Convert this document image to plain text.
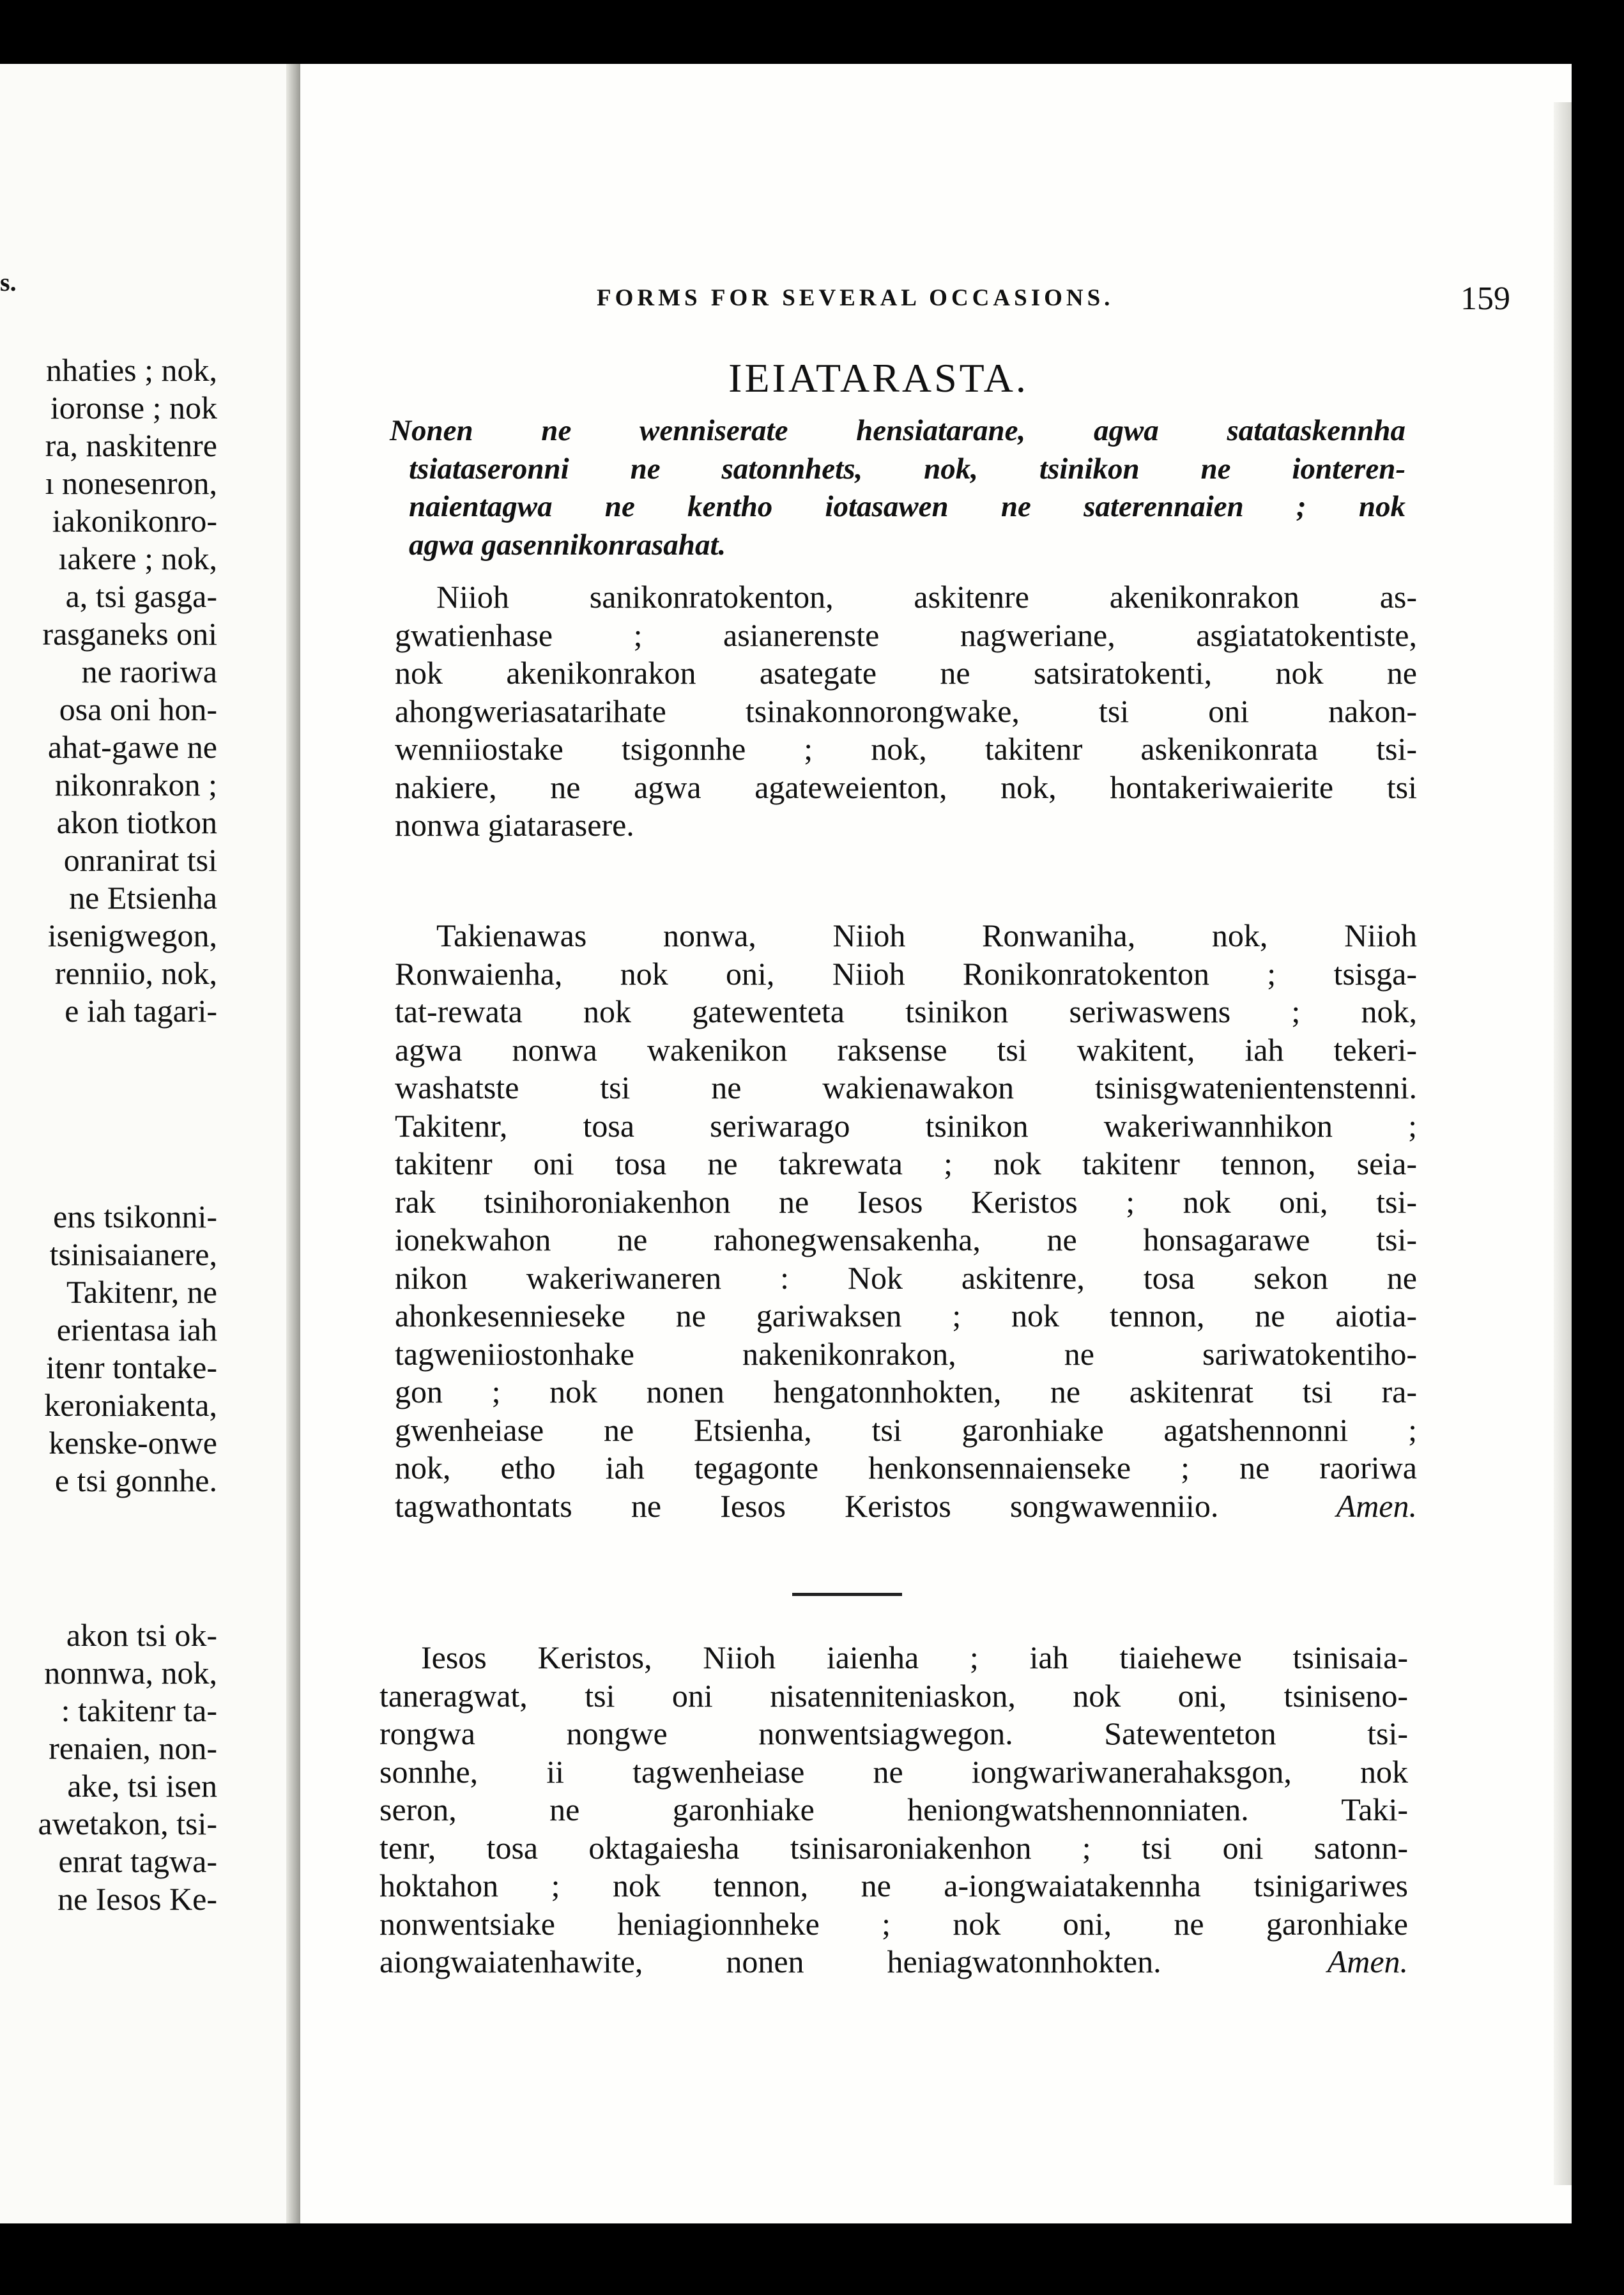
s.
nhaties ; nok,
ioronse ; nok
ra, naskitenre
ı nonesenron,
iakonikonro-
ıakere ; nok,
a, tsi gasga-
rasganeks oni
ne raoriwa
osa oni hon-
ahat-gawe ne
nikonrakon ;
akon tiotkon
onranirat tsi
ne Etsienha
isenigwegon,
renniio, nok,
e iah tagari-
ens tsikonni-
tsinisaianere,
Takitenr, ne
erientasa iah
itenr tontake-
keroniakenta,
kenske-onwe
e tsi gonnhe.
akon tsi ok-
nonnwa, nok,
: takitenr ta-
renaien, non-
ake, tsi isen
awetakon, tsi-
enrat tagwa-
ne Iesos Ke-
FORMS FOR SEVERAL OCCASIONS.	159
IEIATARASTA.
Nonen ne wenniserate hensiatarane, agwa satataskennha
tsiataseronni ne satonnhets, nok, tsinikon ne ionteren-
naientagwa ne kentho iotasawen ne saterennaien ; nok
agwa gasennikonrasahat.
Niioh sanikonratokenton, askitenre akenikonrakon as-
gwatienhase ; asianerenste nagweriane, asgiatatokentiste,
nok akenikonrakon asategate ne satsiratokenti, nok ne
ahongweriasatarihate tsinakonnorongwake, tsi oni nakon-
wenniiostake tsigonnhe ; nok, takitenr askenikonrata tsi-
nakiere, ne agwa agateweienton, nok, hontakeriwaierite tsi
nonwa giatarasere.
Takienawas nonwa, Niioh Ronwaniha, nok, Niioh
Ronwaienha, nok oni, Niioh Ronikonratokenton ; tsisga-
tat-rewata nok gatewenteta tsinikon seriwaswens ; nok,
agwa nonwa wakenikon raksense tsi wakitent, iah tekeri-
washatste tsi ne wakienawakon tsinisgwatenientenstenni.
Takitenr, tosa seriwarago tsinikon wakeriwannhikon ;
takitenr oni tosa ne takrewata ; nok takitenr tennon, seia-
rak tsinihoroniakenhon ne Iesos Keristos ; nok oni, tsi-
ionekwahon ne rahonegwensakenha, ne honsagarawe tsi-
nikon wakeriwaneren : Nok askitenre, tosa sekon ne
ahonkesennieseke ne gariwaksen ; nok tennon, ne aiotia-
tagweniiostonhake nakenikonrakon, ne sariwatokentiho-
gon ; nok nonen hengatonnhokten, ne askitenrat tsi ra-
gwenheiase ne Etsienha, tsi garonhiake agatshennonni ;
nok, etho iah tegagonte henkonsennaienseke ; ne raoriwa
tagwathontats ne Iesos Keristos songwawenniio.  Amen.
Iesos Keristos, Niioh iaienha ; iah tiaiehewe tsinisaia-
taneragwat, tsi oni nisatenniteniaskon, nok oni, tsiniseno-
rongwa nongwe nonwentsiagwegon. Satewenteton tsi-
sonnhe, ii tagwenheiase ne iongwariwanerahaksgon, nok
seron, ne garonhiake heniongwatshennonniaten. Taki-
tenr, tosa oktagaiesha tsinisaroniakenhon ; tsi oni satonn-
hoktahon ; nok tennon, ne a-iongwaiatakennha tsinigariwes
nonwentsiake heniagionnheke ; nok oni, ne garonhiake
aiongwaiatenhawite, nonen heniagwatonnhokten.  Amen.
